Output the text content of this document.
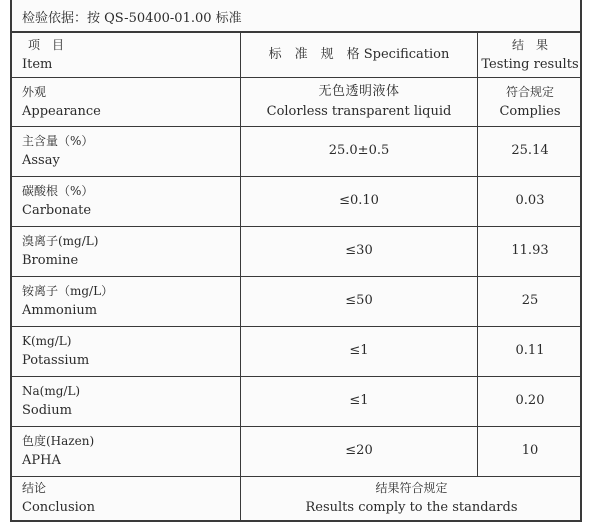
检验依据：按 QS-50400-01.00 标准
项　目
Item	标　准　规　格 Specification	结　果
Testing results

外观
Appearance	无色透明液体
Colorless transparent liquid	符合规定
Complies

主含量（%）
Assay	25.0±0.5	25.14

碳酸根（%）
Carbonate	≤0.10	0.03

溴离子(mg/L)
Bromine	≤30	11.93

铵离子（mg/L）
Ammonium	≤50	25

K(mg/L)
Potassium	≤1	0.11

Na(mg/L)
Sodium	≤1	0.20

色度(Hazen)
APHA	≤20	10

结论
Conclusion	结果符合规定
Results comply to the standards	
